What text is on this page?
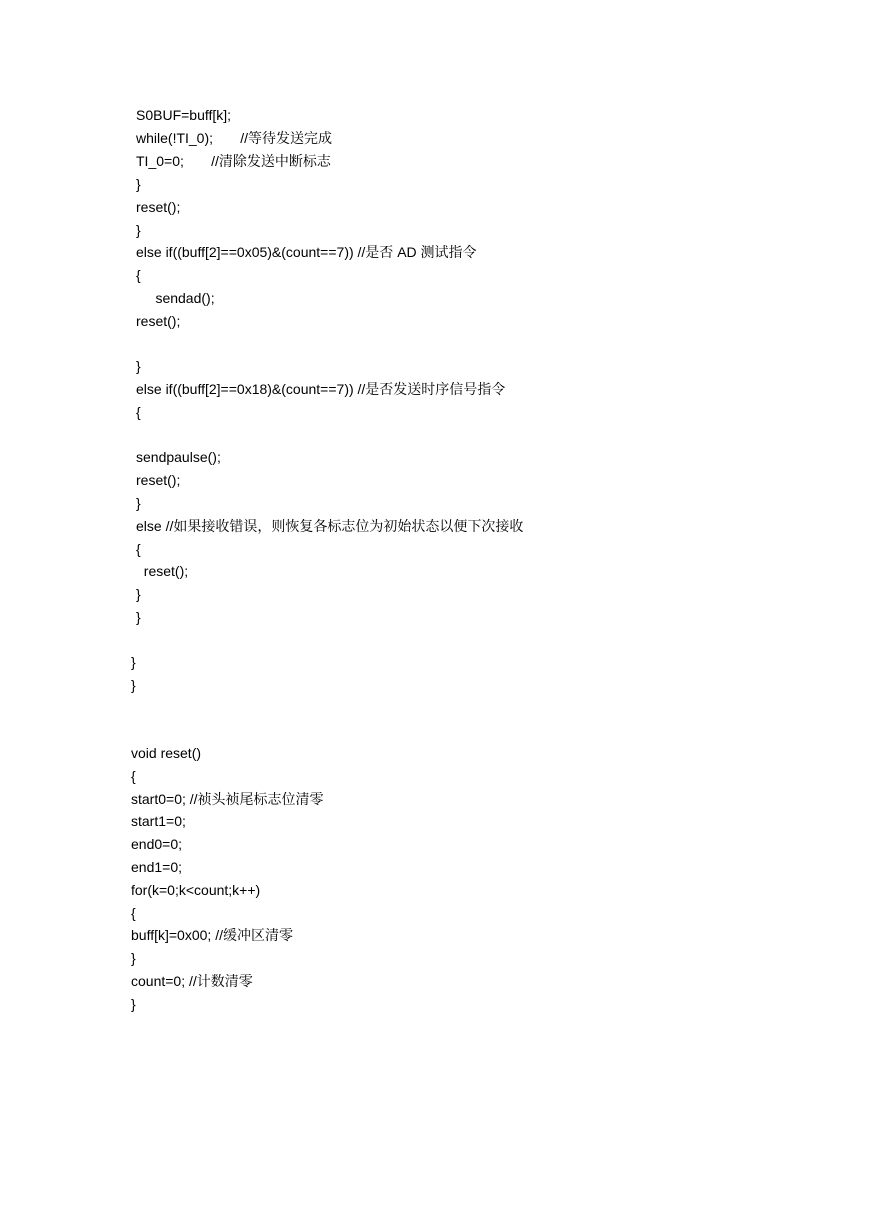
S0BUF=buff[k];
while(!TI_0);       //等待发送完成
TI_0=0;       //清除发送中断标志
}
reset();
}
else if((buff[2]==0x05)&(count==7)) //是否 AD 测试指令
{
sendad();
reset();
}
else if((buff[2]==0x18)&(count==7)) //是否发送时序信号指令
{
sendpaulse();
reset();
}
else //如果接收错误，则恢复各标志位为初始状态以便下次接收
{
reset();
}
}
}
}
void reset()
{
start0=0; //祯头祯尾标志位清零
start1=0;
end0=0;
end1=0;
for(k=0;k<count;k++)
{
buff[k]=0x00; //缓冲区清零
}
count=0; //计数清零
}
